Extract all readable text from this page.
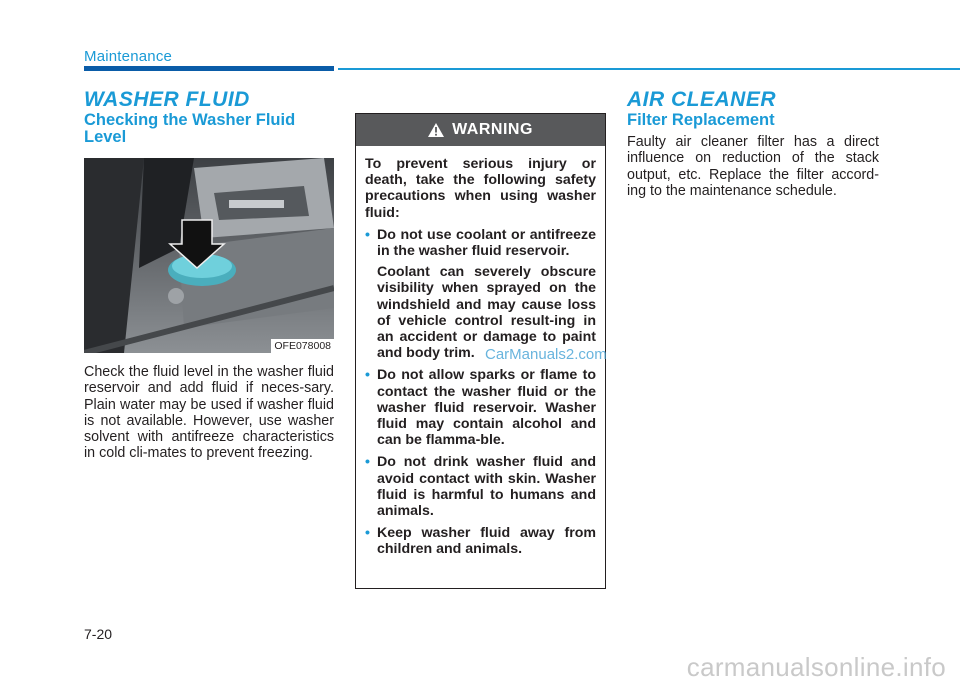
Maintenance
WASHER FLUID
Checking the Washer Fluid Level
OFE078008

Check the fluid level in the washer fluid reservoir and add fluid if neces-sary. Plain water may be used if washer fluid is not available. However, use washer solvent with antifreeze characteristics in cold cli-mates to prevent freezing.

WARNING

To prevent serious injury or death, take the following safety precautions when using washer fluid:

• Do not use coolant or antifreeze in the washer fluid reservoir.

Coolant can severely obscure visibility when sprayed on the windshield and may cause loss of vehicle control result-ing in an accident or damage to paint and body trim.

• Do not allow sparks or flame to contact the washer fluid or the washer fluid reservoir. Washer fluid may contain alcohol and can be flamma-ble.
• Do not drink washer fluid and avoid contact with skin. Washer fluid is harmful to humans and animals.
• Keep washer fluid away from children and animals.
CarManuals2.com
AIR CLEANER
Filter Replacement

Faulty air cleaner filter has a direct influence on reduction of the stack output, etc. Replace the filter accord-ing to the maintenance schedule.

7-20
carmanualsonline.info
